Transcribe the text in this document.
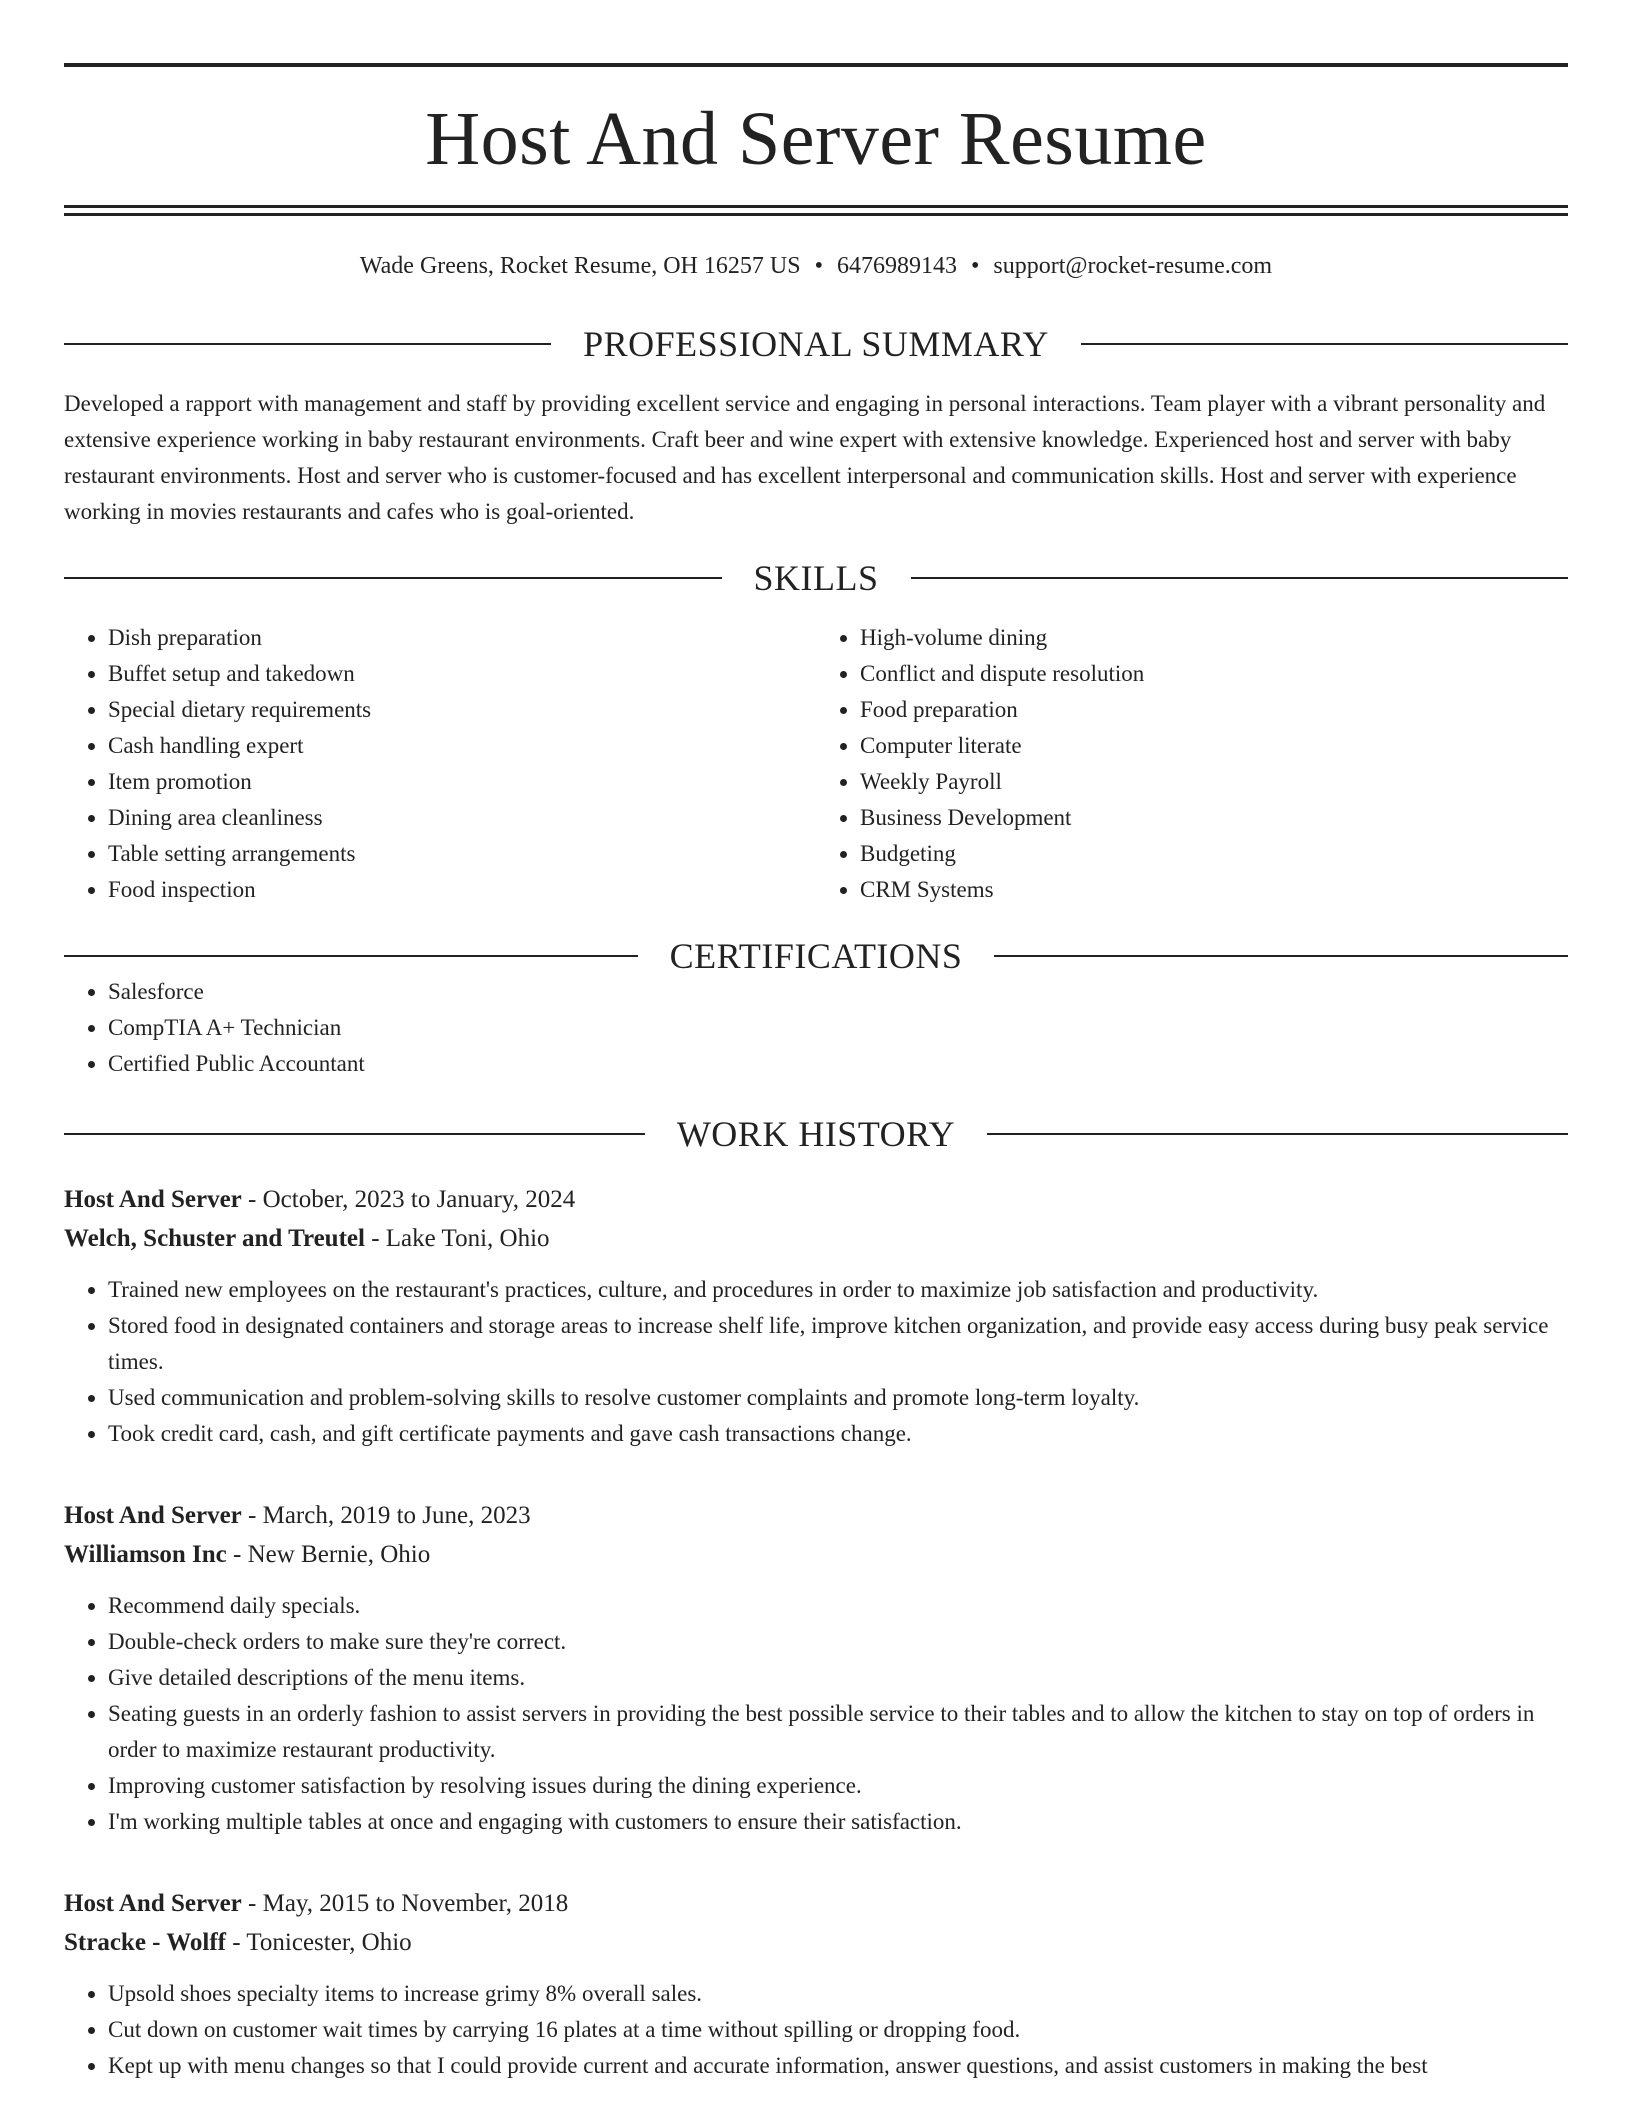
Host And Server Resume
Wade Greens, Rocket Resume, OH 16257 US • 6476989143 • support@rocket-resume.com
PROFESSIONAL SUMMARY

Developed a rapport with management and staff by providing excellent service and engaging in personal interactions. Team player with a vibrant personality and extensive experience working in baby restaurant environments. Craft beer and wine expert with extensive knowledge. Experienced host and server with baby restaurant environments. Host and server who is customer-focused and has excellent interpersonal and communication skills. Host and server with experience working in movies restaurants and cafes who is goal-oriented.

SKILLS
• Dish preparation
• Buffet setup and takedown
• Special dietary requirements
• Cash handling expert
• Item promotion
• Dining area cleanliness
• Table setting arrangements
• Food inspection
• High-volume dining
• Conflict and dispute resolution
• Food preparation
• Computer literate
• Weekly Payroll
• Business Development
• Budgeting
• CRM Systems
CERTIFICATIONS
• Salesforce
• CompTIA A+ Technician
• Certified Public Accountant
WORK HISTORY
Host And Server - October, 2023 to January, 2024
Welch, Schuster and Treutel - Lake Toni, Ohio
• Trained new employees on the restaurant's practices, culture, and procedures in order to maximize job satisfaction and productivity.
• Stored food in designated containers and storage areas to increase shelf life, improve kitchen organization, and provide easy access during busy peak service times.
• Used communication and problem-solving skills to resolve customer complaints and promote long-term loyalty.
• Took credit card, cash, and gift certificate payments and gave cash transactions change.
Host And Server - March, 2019 to June, 2023
Williamson Inc - New Bernie, Ohio
• Recommend daily specials.
• Double-check orders to make sure they're correct.
• Give detailed descriptions of the menu items.
• Seating guests in an orderly fashion to assist servers in providing the best possible service to their tables and to allow the kitchen to stay on top of orders in order to maximize restaurant productivity.
• Improving customer satisfaction by resolving issues during the dining experience.
• I'm working multiple tables at once and engaging with customers to ensure their satisfaction.
Host And Server - May, 2015 to November, 2018
Stracke - Wolff - Tonicester, Ohio
• Upsold shoes specialty items to increase grimy 8% overall sales.
• Cut down on customer wait times by carrying 16 plates at a time without spilling or dropping food.
• Kept up with menu changes so that I could provide current and accurate information, answer questions, and assist customers in making the best
